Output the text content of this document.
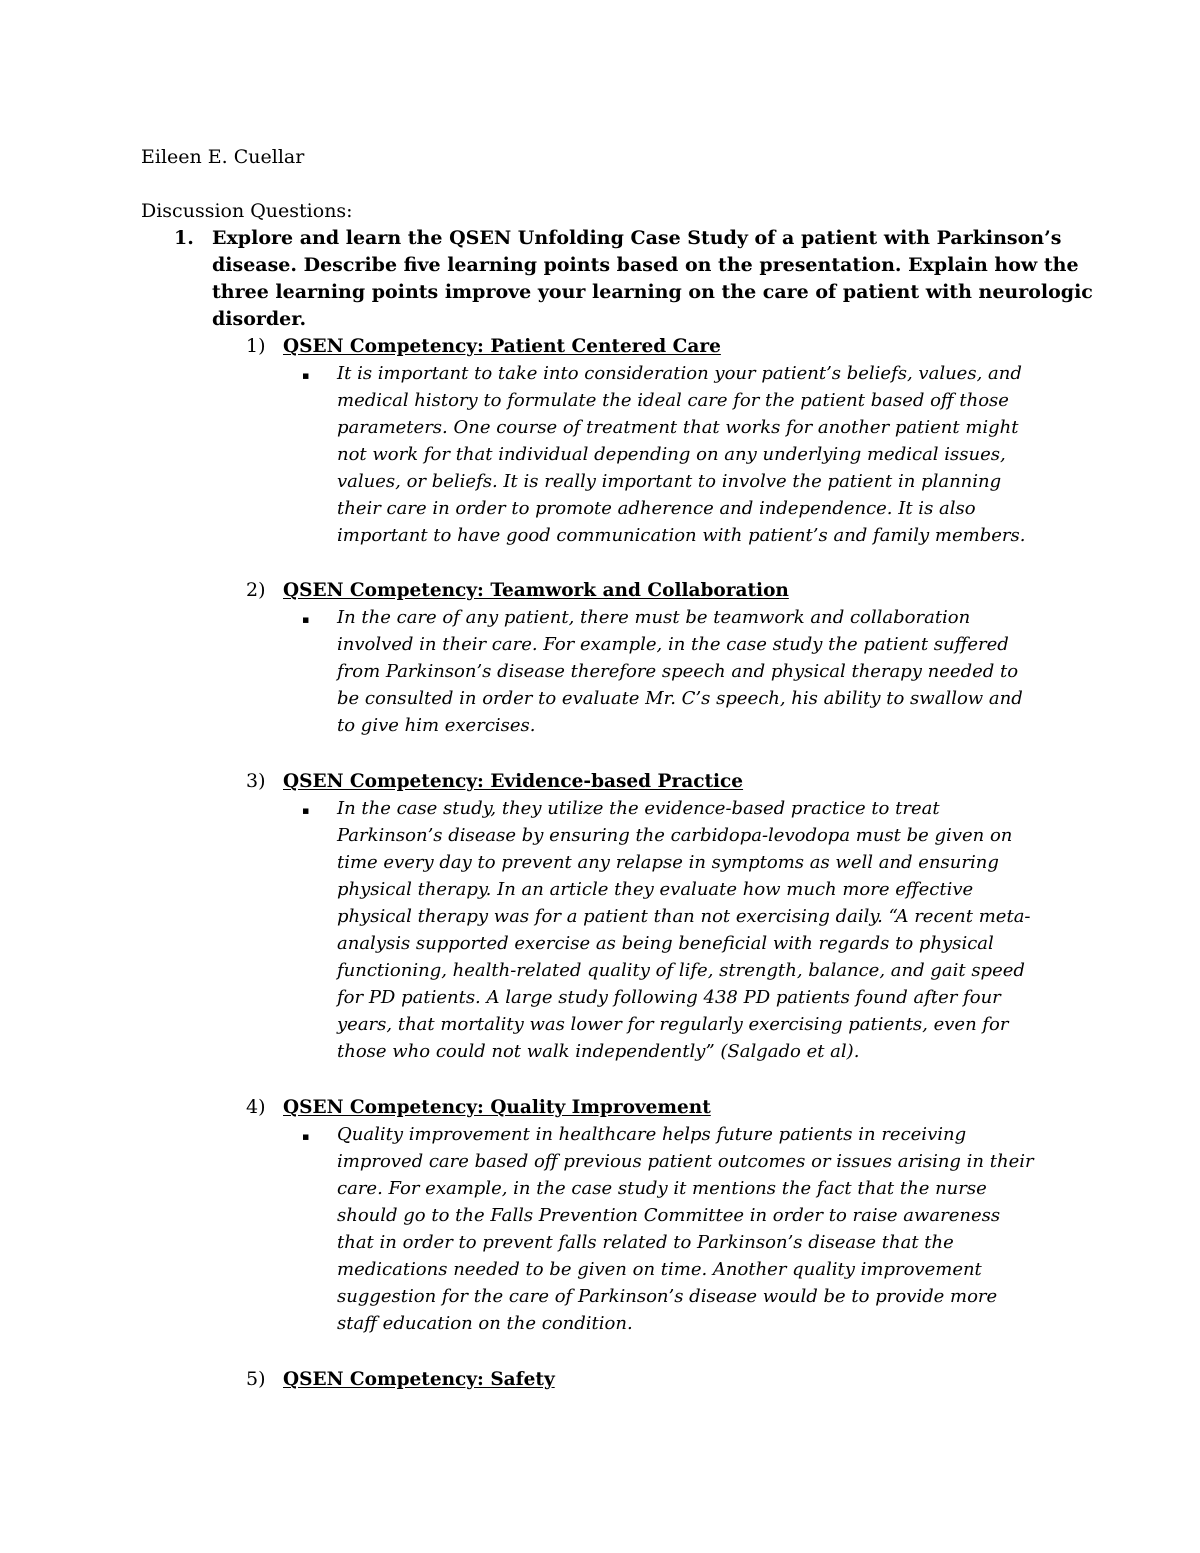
Eileen E. Cuellar
Discussion Questions:
1. Explore and learn the QSEN Unfolding Case Study of a patient with Parkinson’s
disease. Describe five learning points based on the presentation. Explain how the
three learning points improve your learning on the care of patient with neurologic
disorder.
1) QSEN Competency: Patient Centered Care
▪ It is important to take into consideration your patient’s beliefs, values, and
medical history to formulate the ideal care for the patient based off those
parameters. One course of treatment that works for another patient might
not work for that individual depending on any underlying medical issues,
values, or beliefs. It is really important to involve the patient in planning
their care in order to promote adherence and independence. It is also
important to have good communication with patient’s and family members.
2) QSEN Competency: Teamwork and Collaboration
▪ In the care of any patient, there must be teamwork and collaboration
involved in their care. For example, in the case study the patient suffered
from Parkinson’s disease therefore speech and physical therapy needed to
be consulted in order to evaluate Mr. C’s speech, his ability to swallow and
to give him exercises.
3) QSEN Competency: Evidence-based Practice
▪ In the case study, they utilize the evidence-based practice to treat
Parkinson’s disease by ensuring the carbidopa-levodopa must be given on
time every day to prevent any relapse in symptoms as well and ensuring
physical therapy. In an article they evaluate how much more effective
physical therapy was for a patient than not exercising daily. “A recent meta-
analysis supported exercise as being beneficial with regards to physical
functioning, health-related quality of life, strength, balance, and gait speed
for PD patients. A large study following 438 PD patients found after four
years, that mortality was lower for regularly exercising patients, even for
those who could not walk independently” (Salgado et al).
4) QSEN Competency: Quality Improvement
▪ Quality improvement in healthcare helps future patients in receiving
improved care based off previous patient outcomes or issues arising in their
care. For example, in the case study it mentions the fact that the nurse
should go to the Falls Prevention Committee in order to raise awareness
that in order to prevent falls related to Parkinson’s disease that the
medications needed to be given on time. Another quality improvement
suggestion for the care of Parkinson’s disease would be to provide more
staff education on the condition.
5) QSEN Competency: Safety
